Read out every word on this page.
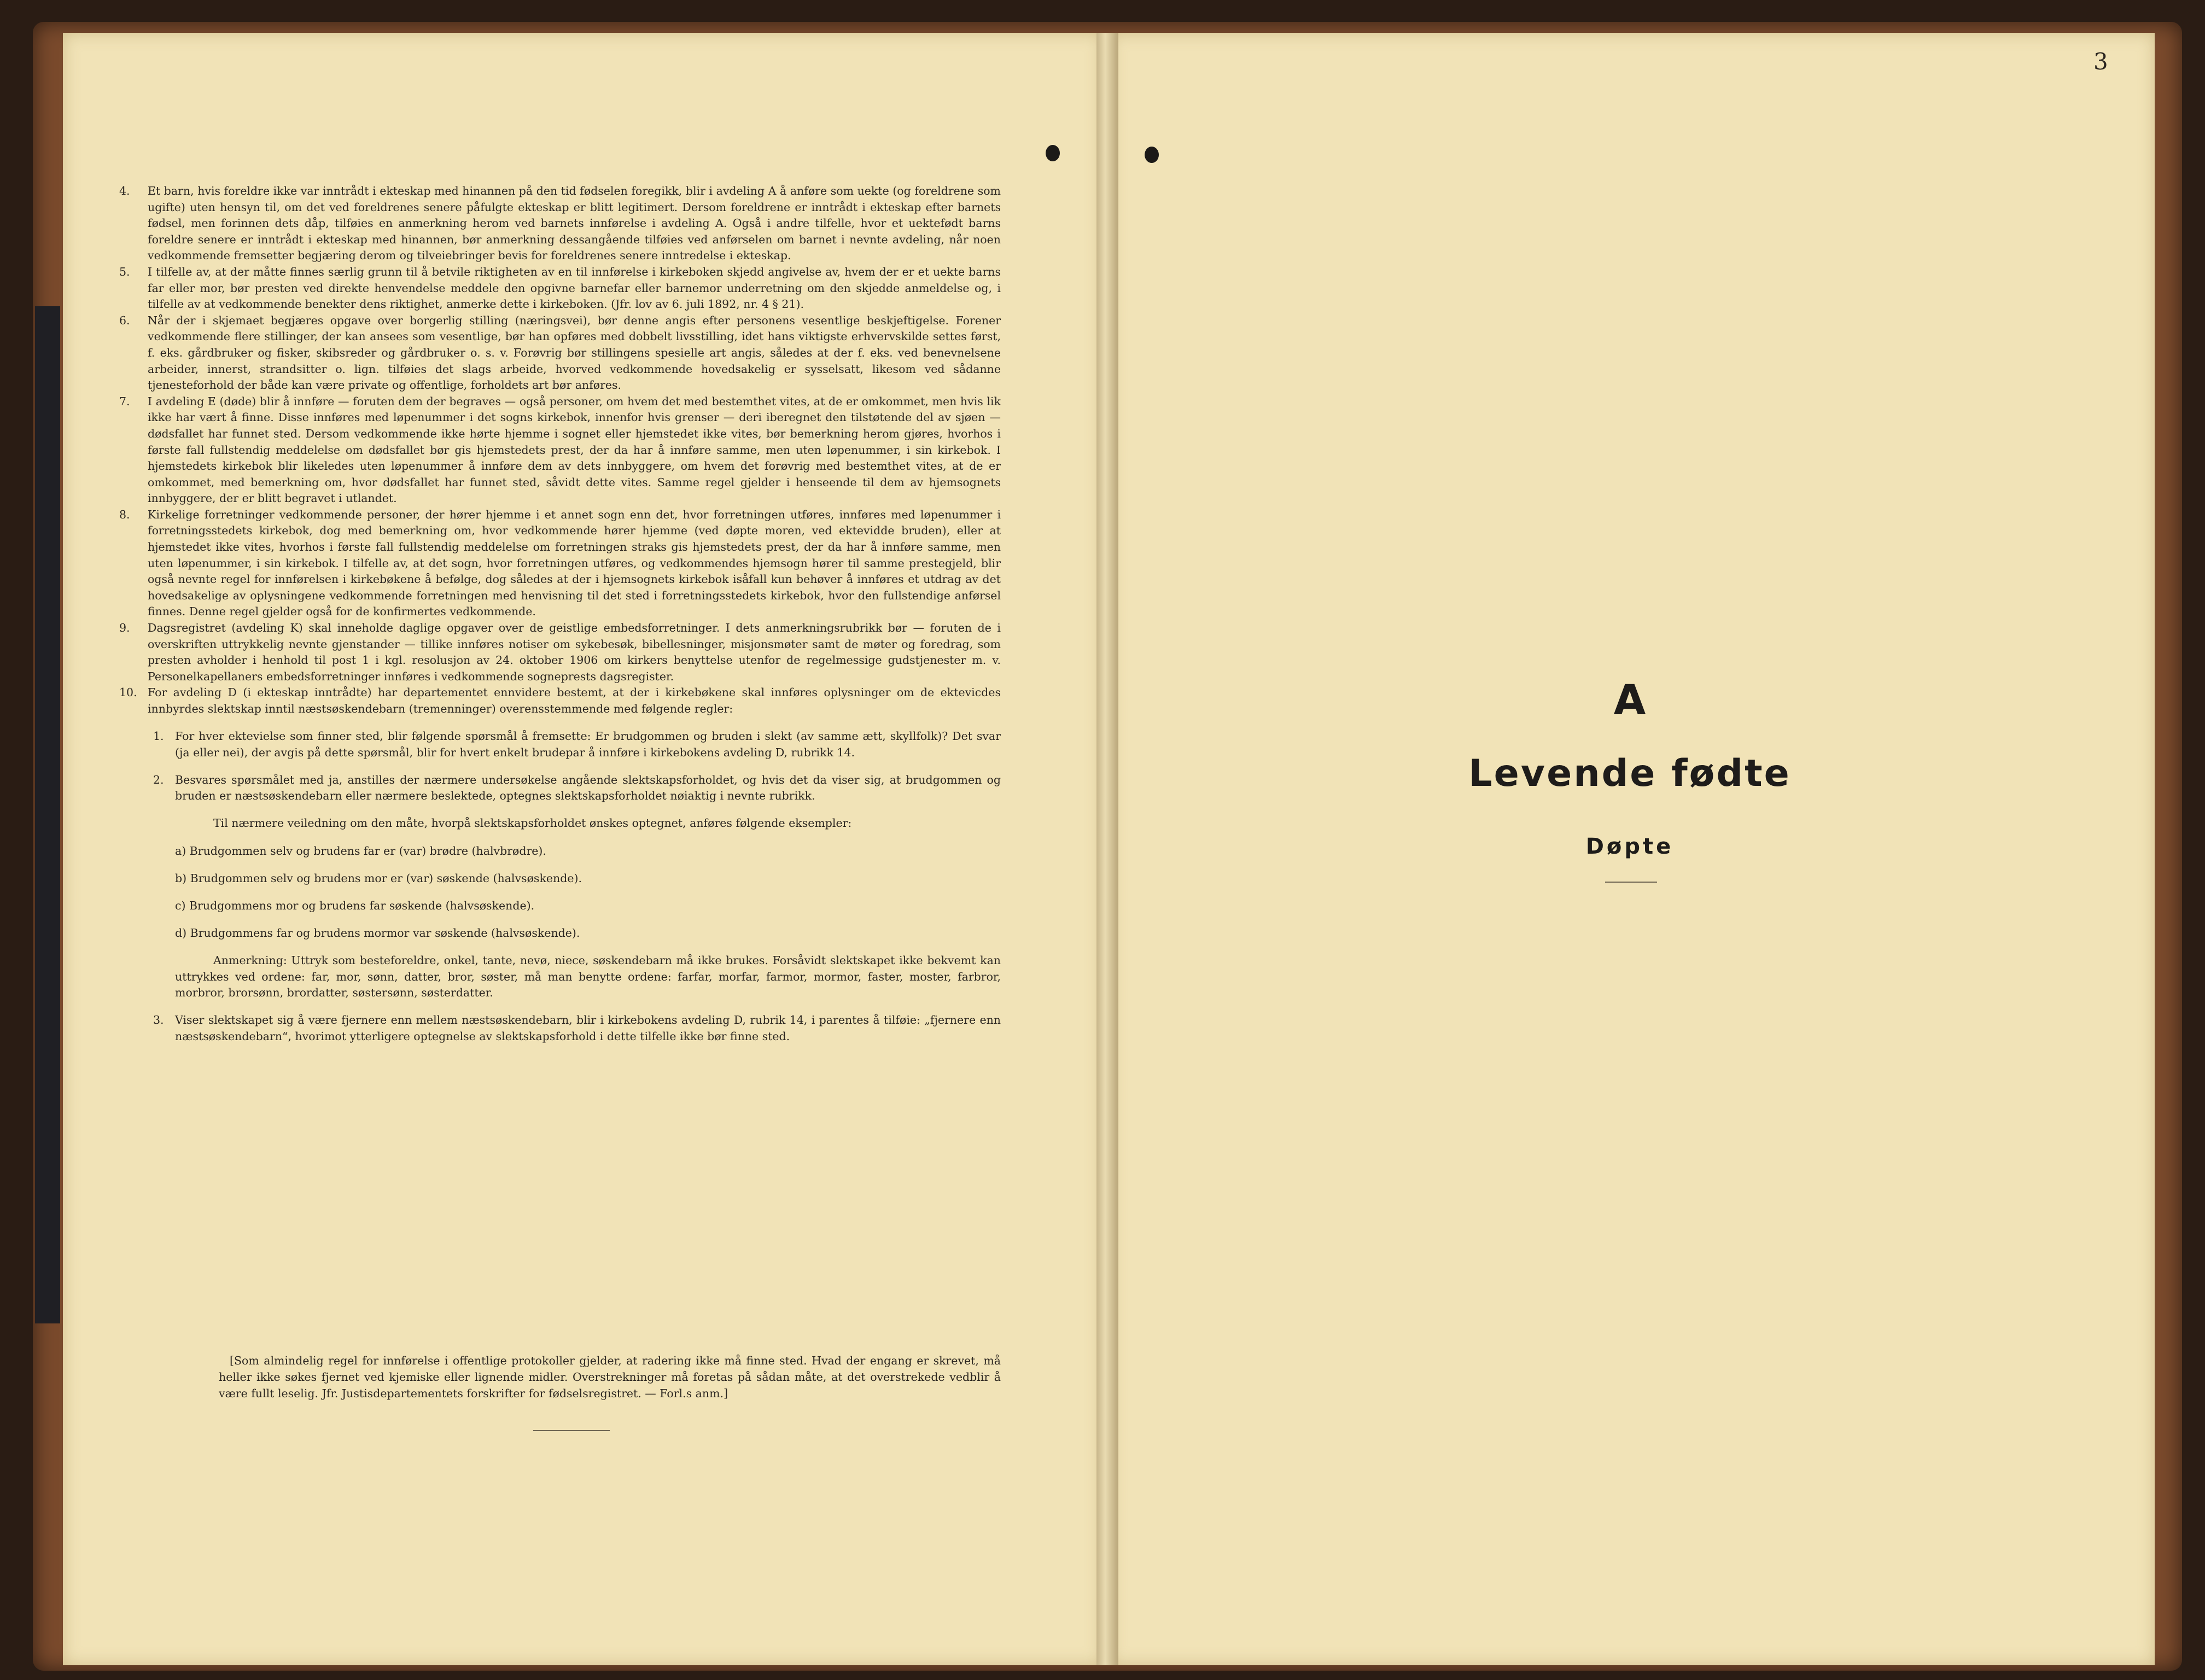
4. Et barn, hvis foreldre ikke var inntrådt i ekteskap med hinannen på den tid fødselen foregikk, blir i avdeling A å anføre som uekte (og foreldrene som ugifte) uten hensyn til, om det ved foreldrenes senere påfulgte ekteskap er blitt legitimert. Dersom foreldrene er inntrådt i ekteskap efter barnets fødsel, men forinnen dets dåp, tilføies en anmerkning herom ved barnets innførelse i avdeling A. Også i andre tilfelle, hvor et uektefødt barns foreldre senere er inntrådt i ekteskap med hinannen, bør anmerkning dessangående tilføies ved anførselen om barnet i nevnte avdeling, når noen vedkommende fremsetter begjæring derom og tilveiebringer bevis for foreldrenes senere inntredelse i ekteskap.

5. I tilfelle av, at der måtte finnes særlig grunn til å betvile riktigheten av en til innførelse i kirkeboken skjedd angivelse av, hvem der er et uekte barns far eller mor, bør presten ved direkte henvendelse meddele den opgivne barnefar eller barnemor underretning om den skjedde anmeldelse og, i tilfelle av at vedkommende benekter dens riktighet, anmerke dette i kirkeboken. (Jfr. lov av 6. juli 1892, nr. 4 § 21).

6. Når der i skjemaet begjæres opgave over borgerlig stilling (næringsvei), bør denne angis efter personens vesentlige beskjeftigelse. Forener vedkommende flere stillinger, der kan ansees som vesentlige, bør han opføres med dobbelt livsstilling, idet hans viktigste erhvervskilde settes først, f. eks. gårdbruker og fisker, skibsreder og gårdbruker o. s. v. Forøvrig bør stillingens spesielle art angis, således at der f. eks. ved benevnelsene arbeider, innerst, strandsitter o. lign. tilføies det slags arbeide, hvorved vedkommende hovedsakelig er sysselsatt, likesom ved sådanne tjenesteforhold der både kan være private og offentlige, forholdets art bør anføres.

7. I avdeling E (døde) blir å innføre — foruten dem der begraves — også personer, om hvem det med bestemthet vites, at de er omkommet, men hvis lik ikke har vært å finne. Disse innføres med løpenummer i det sogns kirkebok, innenfor hvis grenser — deri iberegnet den tilstøtende del av sjøen — dødsfallet har funnet sted. Dersom vedkommende ikke hørte hjemme i sognet eller hjemstedet ikke vites, bør bemerkning herom gjøres, hvorhos i første fall fullstendig meddelelse om dødsfallet bør gis hjemstedets prest, der da har å innføre samme, men uten løpenummer, i sin kirkebok. I hjemstedets kirkebok blir likeledes uten løpenummer å innføre dem av dets innbyggere, om hvem det forøvrig med bestemthet vites, at de er omkommet, med bemerkning om, hvor dødsfallet har funnet sted, såvidt dette vites. Samme regel gjelder i henseende til dem av hjemsognets innbyggere, der er blitt begravet i utlandet.

8. Kirkelige forretninger vedkommende personer, der hører hjemme i et annet sogn enn det, hvor forretningen utføres, innføres med løpenummer i forretningsstedets kirkebok, dog med bemerkning om, hvor vedkommende hører hjemme (ved døpte moren, ved ektevidde bruden), eller at hjemstedet ikke vites, hvorhos i første fall fullstendig meddelelse om forretningen straks gis hjemstedets prest, der da har å innføre samme, men uten løpenummer, i sin kirkebok. I tilfelle av, at det sogn, hvor forretningen utføres, og vedkommendes hjemsogn hører til samme prestegjeld, blir også nevnte regel for innførelsen i kirkebøkene å befølge, dog således at der i hjemsognets kirkebok isåfall kun behøver å innføres et utdrag av det hovedsakelige av oplysningene vedkommende forretningen med henvisning til det sted i forretningsstedets kirkebok, hvor den fullstendige anførsel finnes. Denne regel gjelder også for de konfirmertes vedkommende.

9. Dagsregistret (avdeling K) skal inneholde daglige opgaver over de geistlige embedsforretninger. I dets anmerkningsrubrikk bør — foruten de i overskriften uttrykkelig nevnte gjenstander — tillike innføres notiser om sykebesøk, bibellesninger, misjonsmøter samt de møter og foredrag, som presten avholder i henhold til post 1 i kgl. resolusjon av 24. oktober 1906 om kirkers benyttelse utenfor de regelmessige gudstjenester m. v. Personelkapellaners embedsforretninger innføres i vedkommende sogneprests dagsregister.

10. For avdeling D (i ekteskap inntrådte) har departementet ennvidere bestemt, at der i kirkebøkene skal innføres oplysninger om de ektevicdes innbyrdes slektskap inntil næstsøskendebarn (tremenninger) overensstemmende med følgende regler:

1. For hver ektevielse som finner sted, blir følgende spørsmål å fremsette: Er brudgommen og bruden i slekt (av samme ætt, skyllfolk)? Det svar (ja eller nei), der avgis på dette spørsmål, blir for hvert enkelt brudepar å innføre i kirkebokens avdeling D, rubrikk 14.

2. Besvares spørsmålet med ja, anstilles der nærmere undersøkelse angående slektskapsforholdet, og hvis det da viser sig, at brudgommen og bruden er næstsøskendebarn eller nærmere beslektede, optegnes slektskapsforholdet nøiaktig i nevnte rubrikk.

Til nærmere veiledning om den måte, hvorpå slektskapsforholdet ønskes optegnet, anføres følgende eksempler:

a) Brudgommen selv og brudens far er (var) brødre (halvbrødre).

b) Brudgommen selv og brudens mor er (var) søskende (halvsøskende).

c) Brudgommens mor og brudens far søskende (halvsøskende).

d) Brudgommens far og brudens mormor var søskende (halvsøskende).

Anmerkning: Uttryk som besteforeldre, onkel, tante, nevø, niece, søskendebarn må ikke brukes. Forsåvidt slektskapet ikke bekvemt kan uttrykkes ved ordene: far, mor, sønn, datter, bror, søster, må man benytte ordene: farfar, morfar, farmor, mormor, faster, moster, farbror, morbror, brorsønn, brordatter, søstersønn, søsterdatter.

3. Viser slektskapet sig å være fjernere enn mellem næstsøskendebarn, blir i kirkebokens avdeling D, rubrik 14, i parentes å tilføie: „fjernere enn næstsøskendebarn“, hvorimot ytterligere optegnelse av slektskapsforhold i dette tilfelle ikke bør finne sted.

[Som almindelig regel for innførelse i offentlige protokoller gjelder, at radering ikke må finne sted. Hvad der engang er skrevet, må heller ikke søkes fjernet ved kjemiske eller lignende midler. Overstrekninger må foretas på sådan måte, at det overstrekede vedblir å være fullt leselig. Jfr. Justisdepartementets forskrifter for fødselsregistret. — Forl.s anm.]

3
A
Levende fødte
Døpte
